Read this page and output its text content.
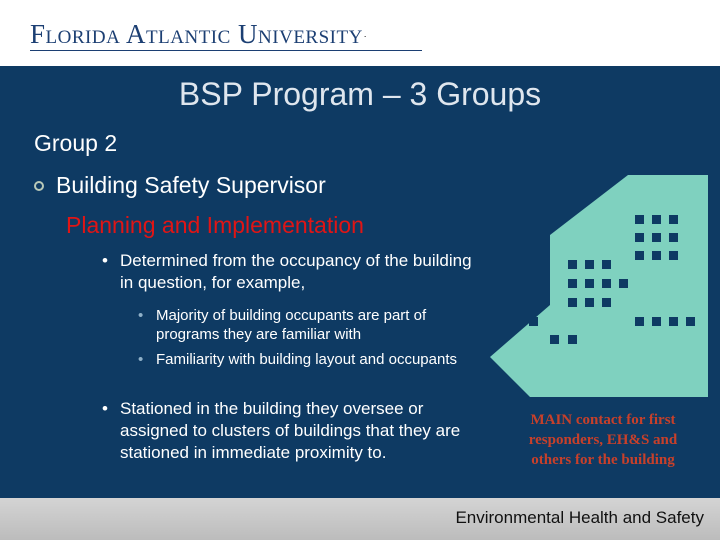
Florida Atlantic University .
BSP Program – 3 Groups
Group 2
Building Safety Supervisor
Planning and Implementation
• Determined from the occupancy of the building in question, for example,
• Majority of building occupants are part of programs they are familiar with
• Familiarity with building layout and occupants
• Stationed in the building they oversee or assigned to clusters of buildings that they are stationed in immediate proximity to.
MAIN contact for first responders, EH&S and others for the building
Environmental Health and Safety
